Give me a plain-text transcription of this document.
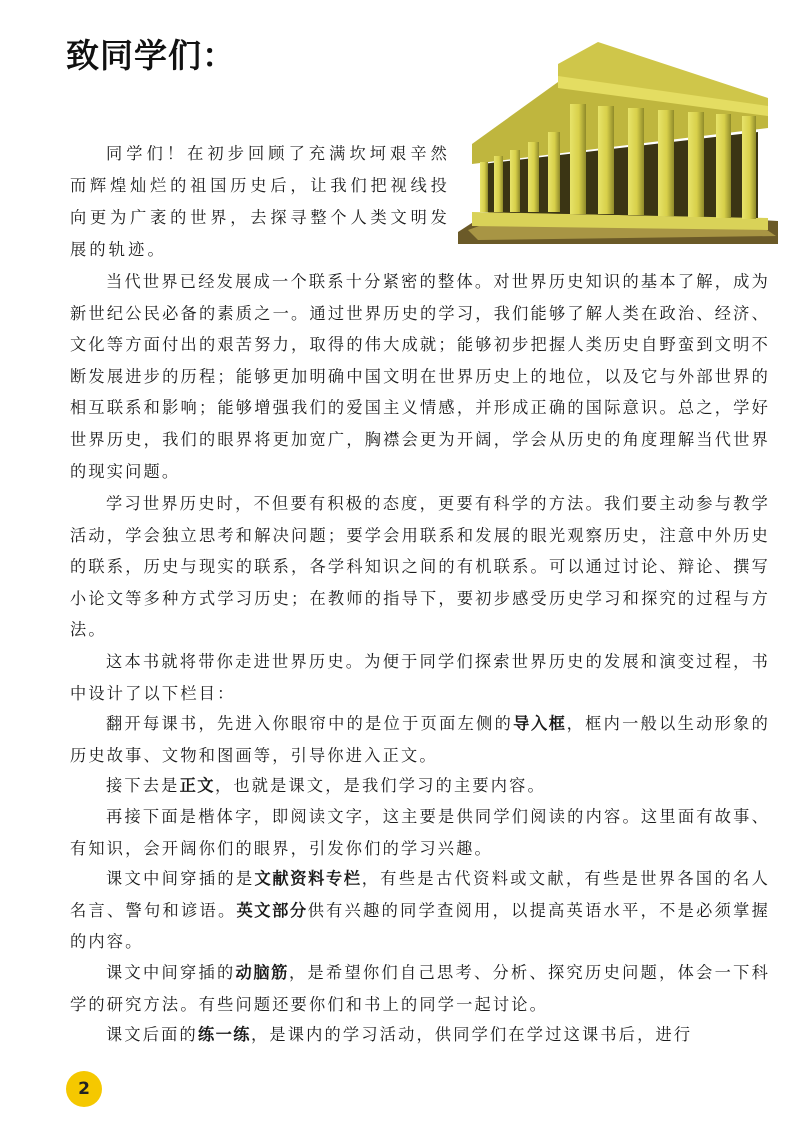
致同学们：

同学们！在初步回顾了充满坎坷艰辛然而辉煌灿烂的祖国历史后，让我们把视线投向更为广袤的世界，去探寻整个人类文明发展的轨迹。

当代世界已经发展成一个联系十分紧密的整体。对世界历史知识的基本了解，成为新世纪公民必备的素质之一。通过世界历史的学习，我们能够了解人类在政治、经济、文化等方面付出的艰苦努力，取得的伟大成就；能够初步把握人类历史自野蛮到文明不断发展进步的历程；能够更加明确中国文明在世界历史上的地位，以及它与外部世界的相互联系和影响；能够增强我们的爱国主义情感，并形成正确的国际意识。总之，学好世界历史，我们的眼界将更加宽广，胸襟会更为开阔，学会从历史的角度理解当代世界的现实问题。

学习世界历史时，不但要有积极的态度，更要有科学的方法。我们要主动参与教学活动，学会独立思考和解决问题；要学会用联系和发展的眼光观察历史，注意中外历史的联系，历史与现实的联系，各学科知识之间的有机联系。可以通过讨论、辩论、撰写小论文等多种方式学习历史；在教师的指导下，要初步感受历史学习和探究的过程与方法。

这本书就将带你走进世界历史。为便于同学们探索世界历史的发展和演变过程，书中设计了以下栏目：

翻开每课书，先进入你眼帘中的是位于页面左侧的导入框，框内一般以生动形象的历史故事、文物和图画等，引导你进入正文。

接下去是正文，也就是课文，是我们学习的主要内容。

再接下面是楷体字，即阅读文字，这主要是供同学们阅读的内容。这里面有故事、有知识，会开阔你们的眼界，引发你们的学习兴趣。

课文中间穿插的是文献资料专栏，有些是古代资料或文献，有些是世界各国的名人名言、警句和谚语。英文部分供有兴趣的同学查阅用，以提高英语水平，不是必须掌握的内容。

课文中间穿插的动脑筋，是希望你们自己思考、分析、探究历史问题，体会一下科学的研究方法。有些问题还要你们和书上的同学一起讨论。

课文后面的练一练，是课内的学习活动，供同学们在学过这课书后，进行

2
